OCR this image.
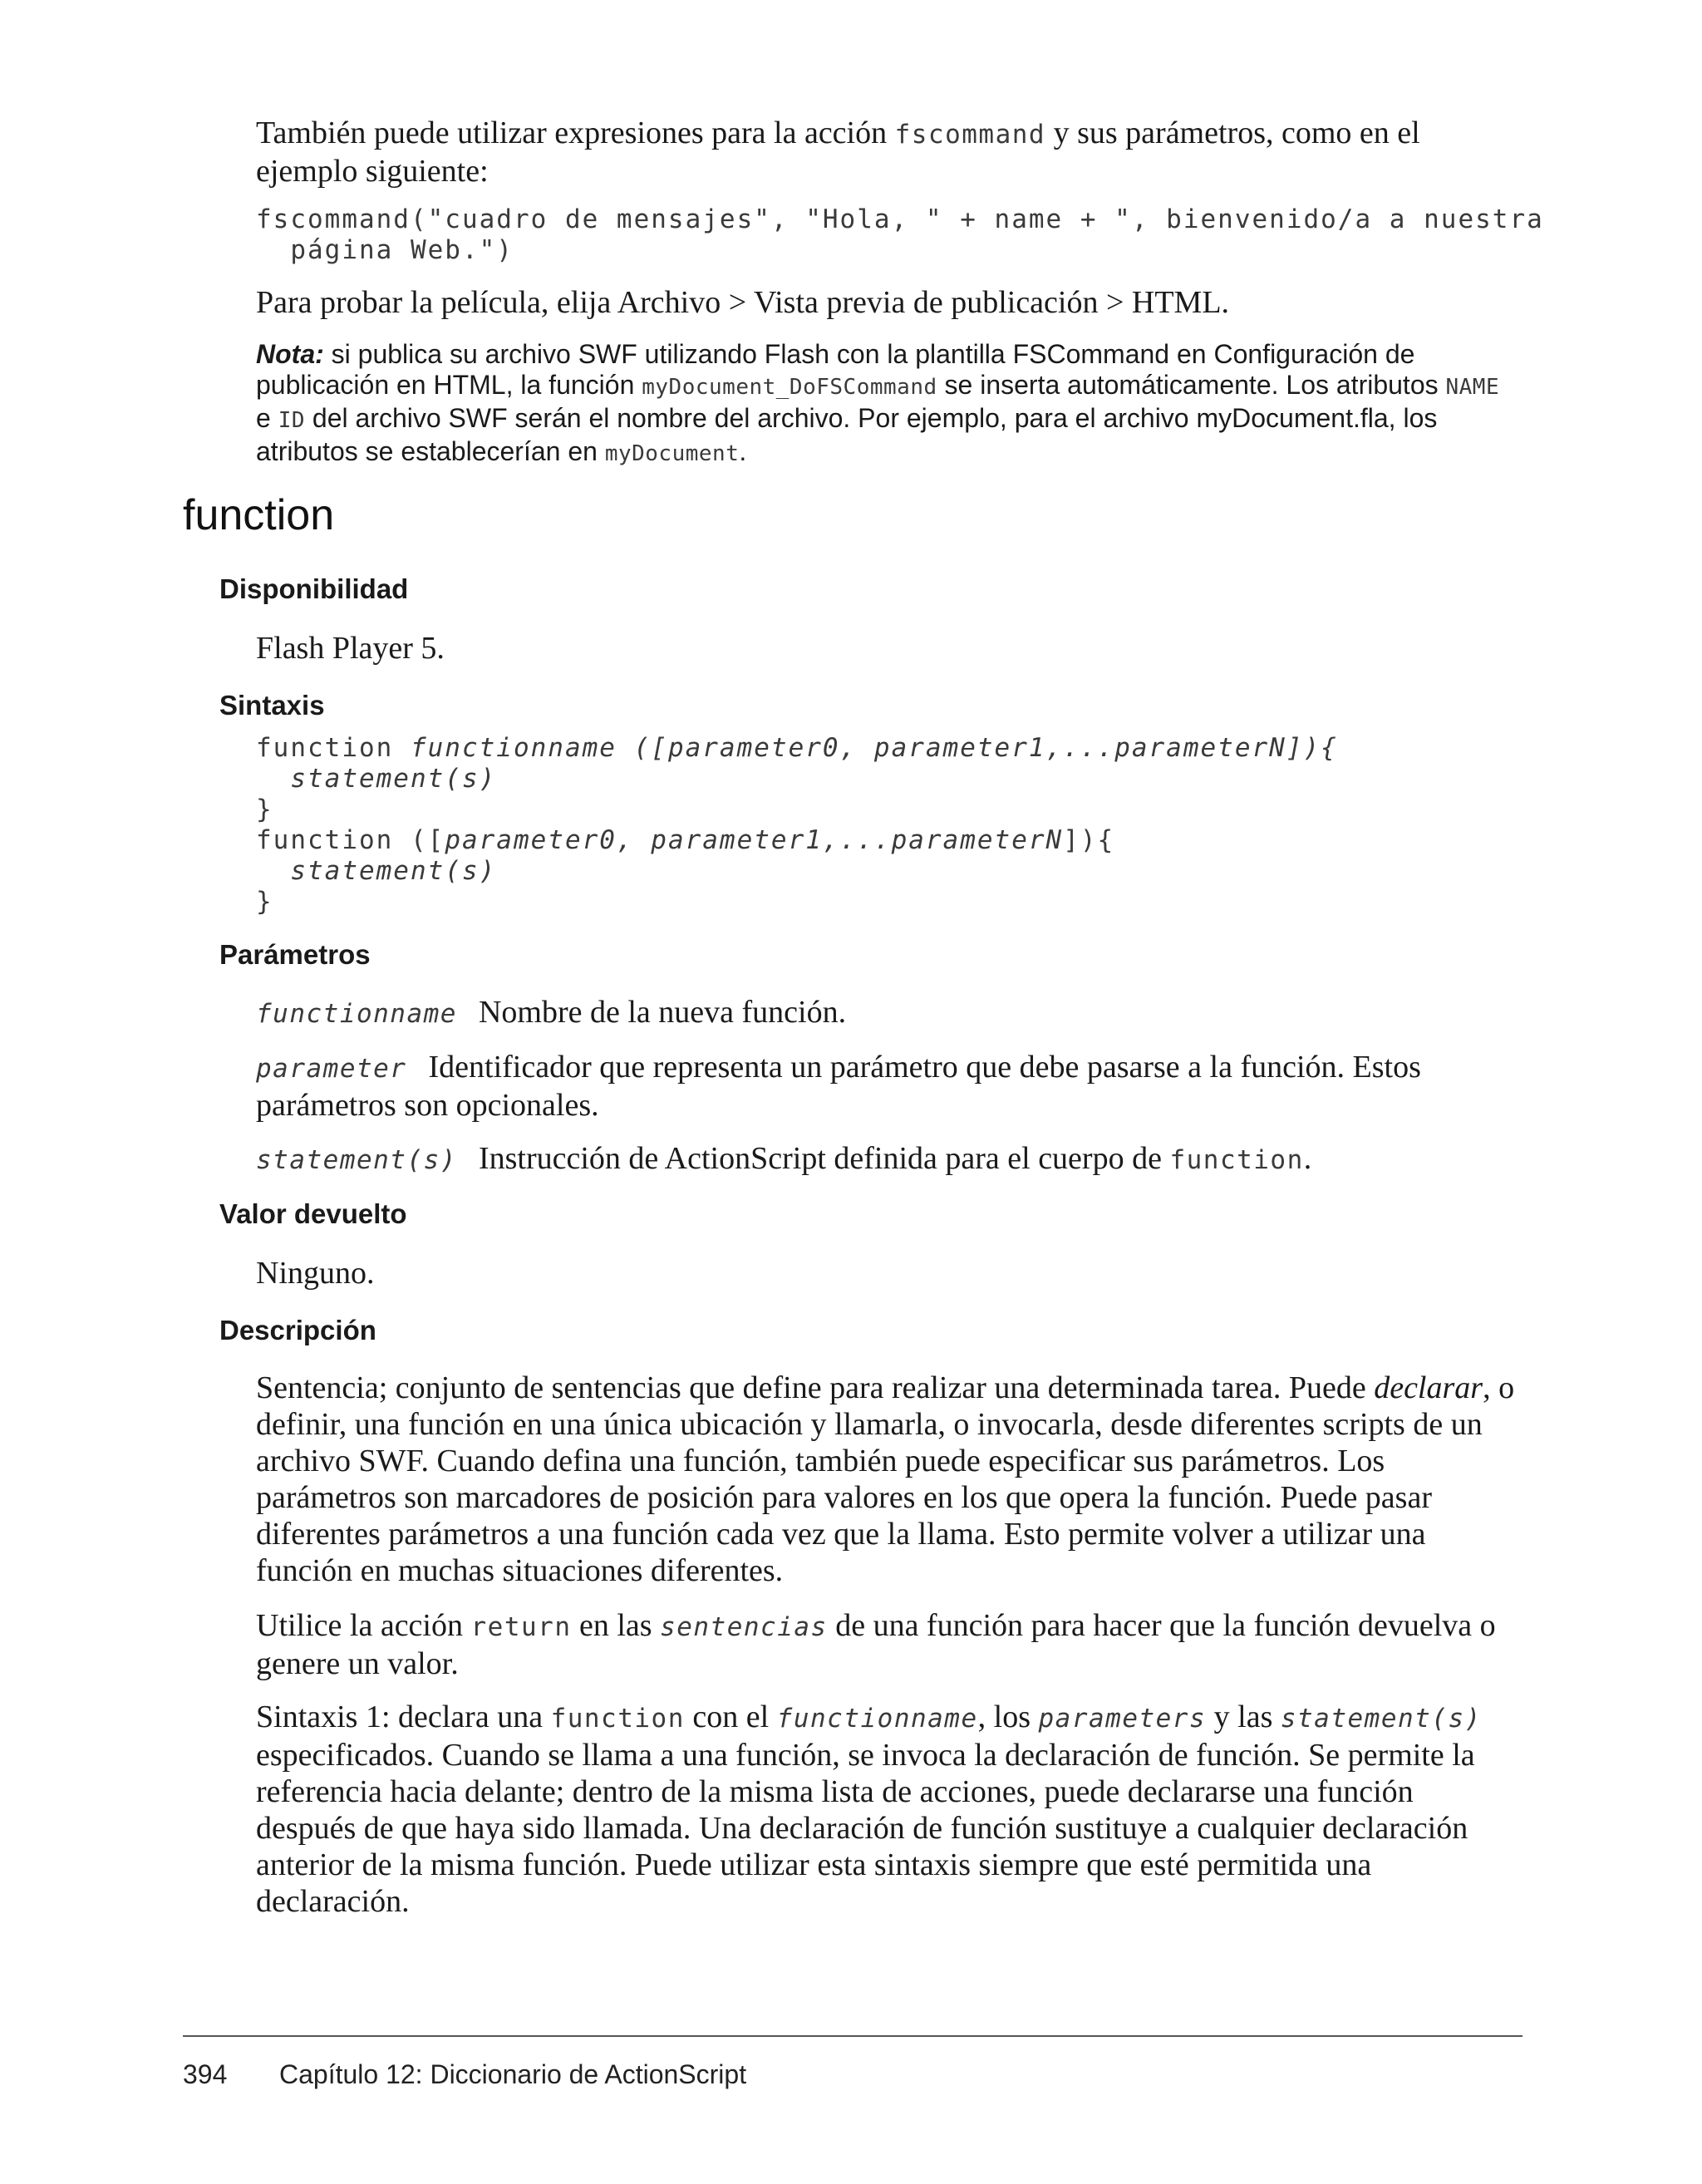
También puede utilizar expresiones para la acción fscommand y sus parámetros, como en el ejemplo siguiente:

fscommand("cuadro de mensajes", "Hola, " + name + ", bienvenido/a a nuestra
página Web.")

Para probar la película, elija Archivo > Vista previa de publicación > HTML.

Nota: si publica su archivo SWF utilizando Flash con la plantilla FSCommand en Configuración de publicación en HTML, la función myDocument_DoFSCommand se inserta automáticamente. Los atributos NAME e ID del archivo SWF serán el nombre del archivo. Por ejemplo, para el archivo myDocument.fla, los atributos se establecerían en myDocument.

function
Disponibilidad

Flash Player 5.

Sintaxis
function functionname ([parameter0, parameter1,...parameterN]){
statement(s)
}
function ([parameter0, parameter1,...parameterN]){
statement(s)
}
Parámetros

functionname Nombre de la nueva función.

parameter Identificador que representa un parámetro que debe pasarse a la función. Estos parámetros son opcionales.

statement(s) Instrucción de ActionScript definida para el cuerpo de function.

Valor devuelto

Ninguno.

Descripción

Sentencia; conjunto de sentencias que define para realizar una determinada tarea. Puede declarar, o definir, una función en una única ubicación y llamarla, o invocarla, desde diferentes scripts de un archivo SWF. Cuando defina una función, también puede especificar sus parámetros. Los parámetros son marcadores de posición para valores en los que opera la función. Puede pasar diferentes parámetros a una función cada vez que la llama. Esto permite volver a utilizar una función en muchas situaciones diferentes.

Utilice la acción return en las sentencias de una función para hacer que la función devuelva o genere un valor.

Sintaxis 1: declara una function con el functionname, los parameters y las statement(s) especificados. Cuando se llama a una función, se invoca la declaración de función. Se permite la referencia hacia delante; dentro de la misma lista de acciones, puede declararse una función después de que haya sido llamada. Una declaración de función sustituye a cualquier declaración anterior de la misma función. Puede utilizar esta sintaxis siempre que esté permitida una declaración.

394 Capítulo 12: Diccionario de ActionScript
